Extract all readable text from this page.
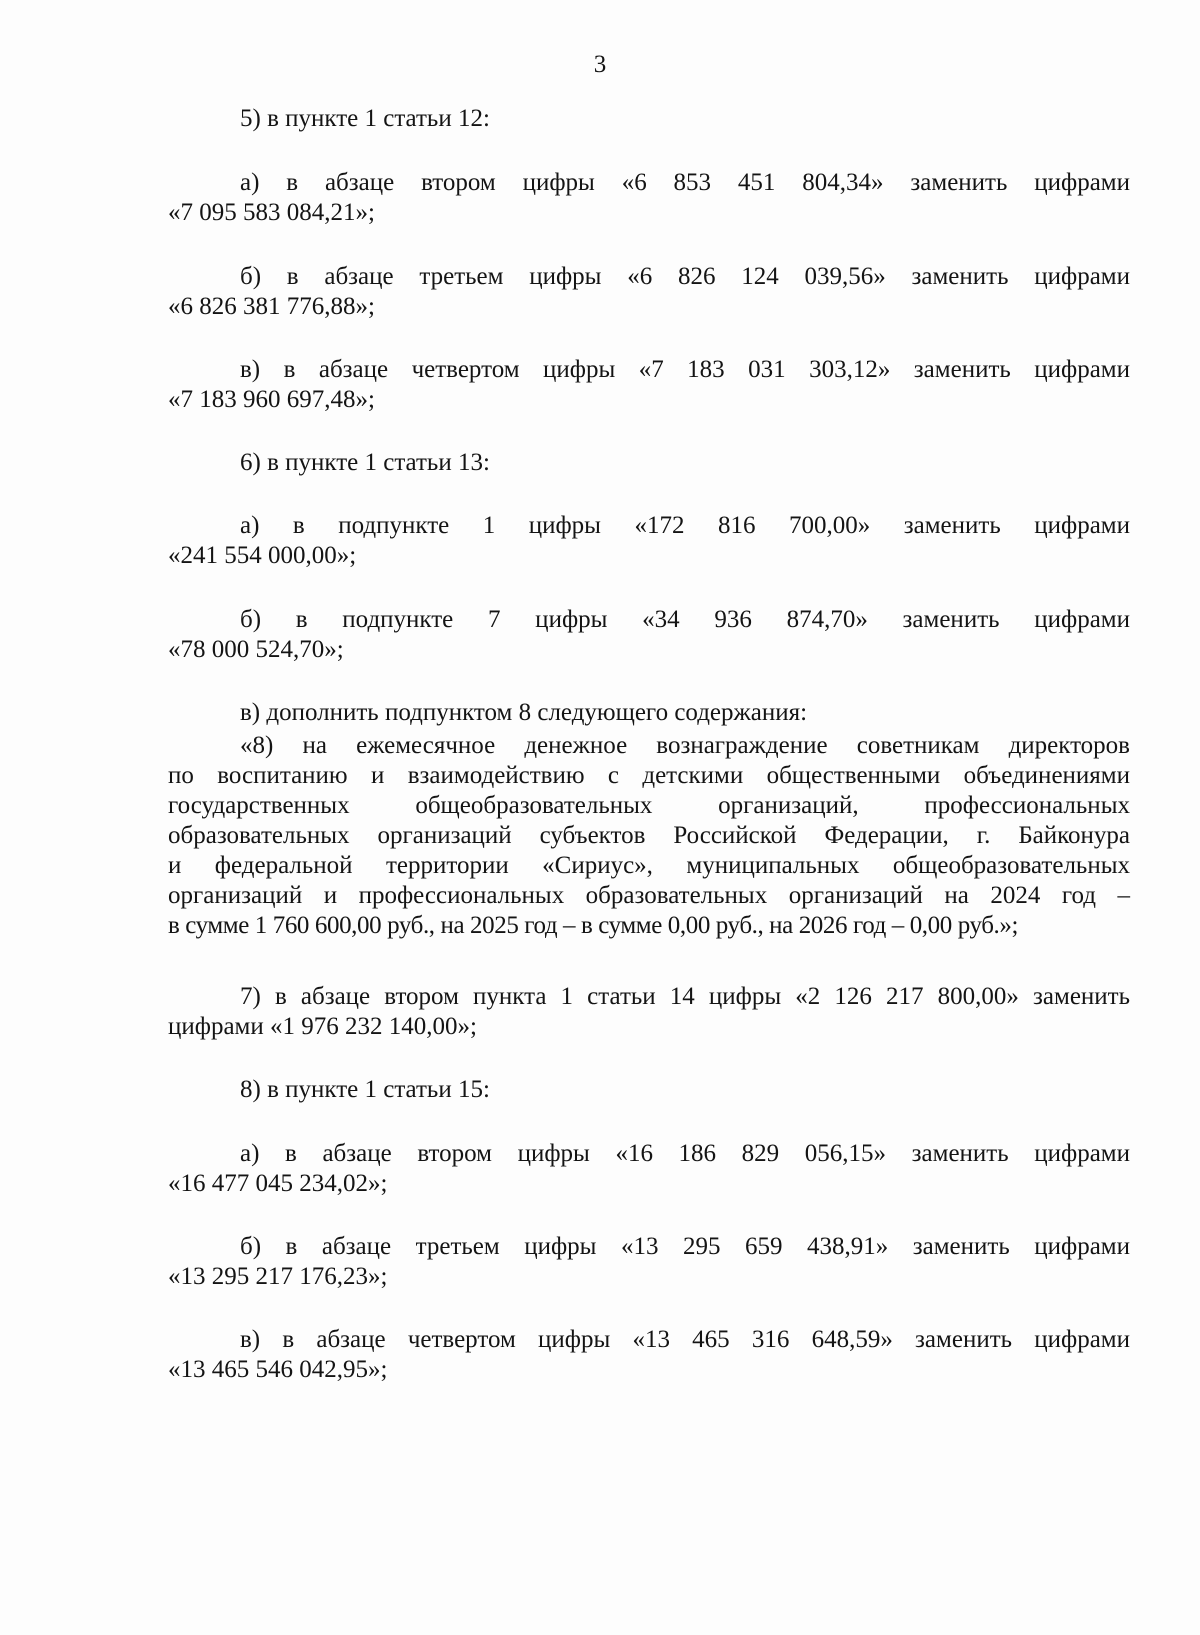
3
5) в пункте 1 статьи 12:
а) в абзаце втором цифры «6 853 451 804,34» заменить цифрами
«7 095 583 084,21»;
б) в абзаце третьем цифры «6 826 124 039,56» заменить цифрами
«6 826 381 776,88»;
в) в абзаце четвертом цифры «7 183 031 303,12» заменить цифрами
«7 183 960 697,48»;
6) в пункте 1 статьи 13:
а) в подпункте 1 цифры «172 816 700,00» заменить цифрами
«241 554 000,00»;
б) в подпункте 7 цифры «34 936 874,70» заменить цифрами
«78 000 524,70»;
в) дополнить подпунктом 8 следующего содержания:
«8) на ежемесячное денежное вознаграждение советникам директоров
по воспитанию и взаимодействию с детскими общественными объединениями
государственных общеобразовательных организаций, профессиональных
образовательных организаций субъектов Российской Федерации, г. Байконура
и федеральной территории «Сириус», муниципальных общеобразовательных
организаций и профессиональных образовательных организаций на 2024 год –
в сумме 1 760 600,00 руб., на 2025 год – в сумме 0,00 руб., на 2026 год – 0,00 руб.»;
7) в абзаце втором пункта 1 статьи 14 цифры «2 126 217 800,00» заменить
цифрами «1 976 232 140,00»;
8) в пункте 1 статьи 15:
а) в абзаце втором цифры «16 186 829 056,15» заменить цифрами
«16 477 045 234,02»;
б) в абзаце третьем цифры «13 295 659 438,91» заменить цифрами
«13 295 217 176,23»;
в) в абзаце четвертом цифры «13 465 316 648,59» заменить цифрами
«13 465 546 042,95»;
